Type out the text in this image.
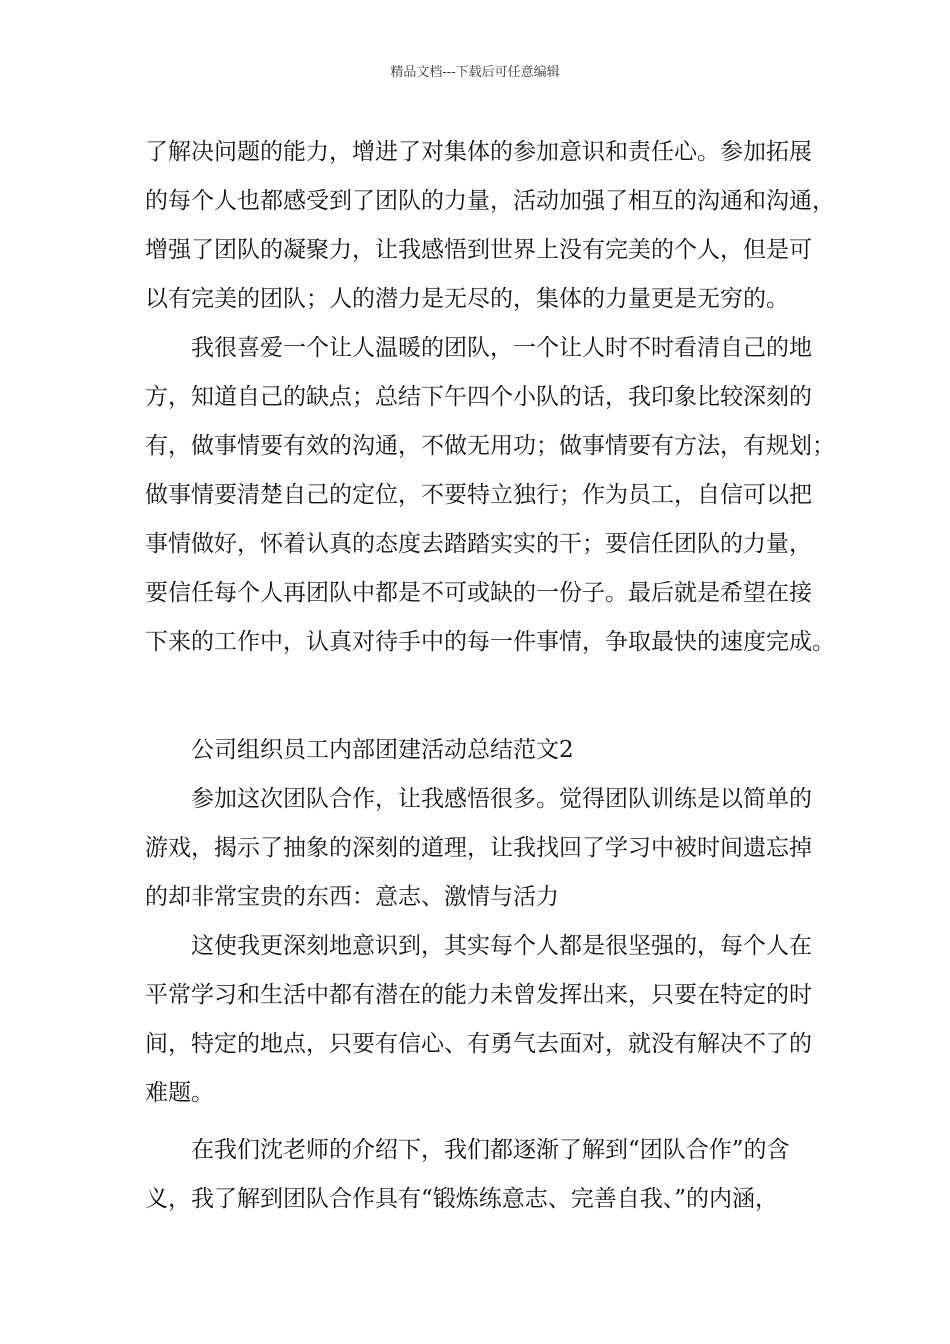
精品文档---下载后可任意编辑
了解决问题的能力，增进了对集体的参加意识和责任心。参加拓展
的每个人也都感受到了团队的力量，活动加强了相互的沟通和沟通，
增强了团队的凝聚力，让我感悟到世界上没有完美的个人，但是可
以有完美的团队；人的潜力是无尽的，集体的力量更是无穷的。
我很喜爱一个让人温暖的团队，一个让人时不时看清自己的地
方，知道自己的缺点；总结下午四个小队的话，我印象比较深刻的
有，做事情要有效的沟通，不做无用功；做事情要有方法，有规划；
做事情要清楚自己的定位，不要特立独行；作为员工，自信可以把
事情做好，怀着认真的态度去踏踏实实的干；要信任团队的力量，
要信任每个人再团队中都是不可或缺的一份子。最后就是希望在接
下来的工作中，认真对待手中的每一件事情，争取最快的速度完成。
公司组织员工内部团建活动总结范文2
参加这次团队合作，让我感悟很多。觉得团队训练是以简单的
游戏，揭示了抽象的深刻的道理，让我找回了学习中被时间遗忘掉
的却非常宝贵的东西：意志、激情与活力
这使我更深刻地意识到，其实每个人都是很坚强的，每个人在
平常学习和生活中都有潜在的能力未曾发挥出来，只要在特定的时
间，特定的地点，只要有信心、有勇气去面对，就没有解决不了的
难题。
在我们沈老师的介绍下，我们都逐渐了解到“团队合作”的含
义，我了解到团队合作具有“锻炼练意志、完善自我、”的内涵，
